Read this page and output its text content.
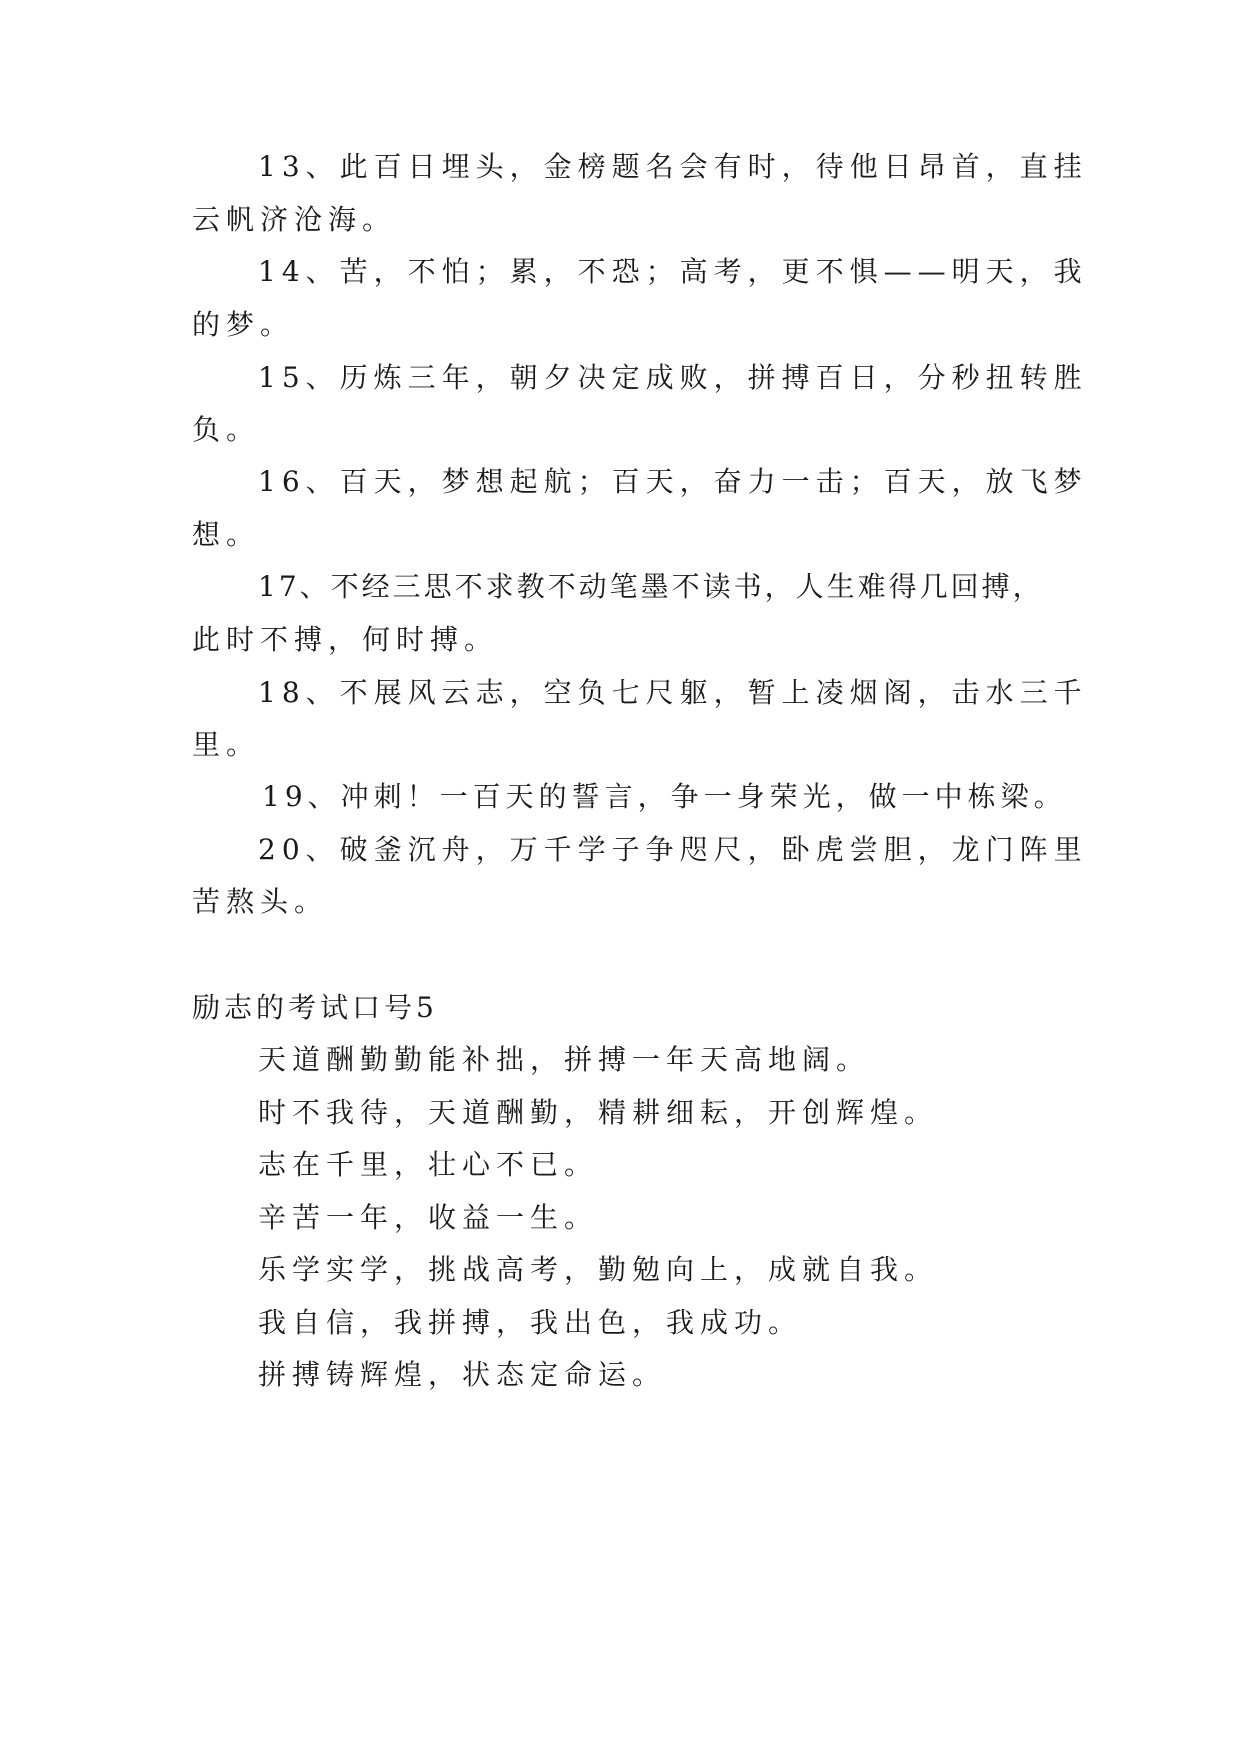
13、此百日埋头，金榜题名会有时，待他日昂首，直挂
云帆济沧海。
14、苦，不怕；累，不恐；高考，更不惧——明天，我
的梦。
15、历炼三年，朝夕决定成败，拼搏百日，分秒扭转胜
负。
16、百天，梦想起航；百天，奋力一击；百天，放飞梦
想。
17、不经三思不求教不动笔墨不读书，人生难得几回搏，
此时不搏，何时搏。
18、不展风云志，空负七尺躯，暂上凌烟阁，击水三千
里。
19、冲刺！一百天的誓言，争一身荣光，做一中栋梁。
20、破釜沉舟，万千学子争咫尺，卧虎尝胆，龙门阵里
苦熬头。
励志的考试口号5
天道酬勤勤能补拙，拼搏一年天高地阔。
时不我待，天道酬勤，精耕细耘，开创辉煌。
志在千里，壮心不已。
辛苦一年，收益一生。
乐学实学，挑战高考，勤勉向上，成就自我。
我自信，我拼搏，我出色，我成功。
拼搏铸辉煌，状态定命运。
